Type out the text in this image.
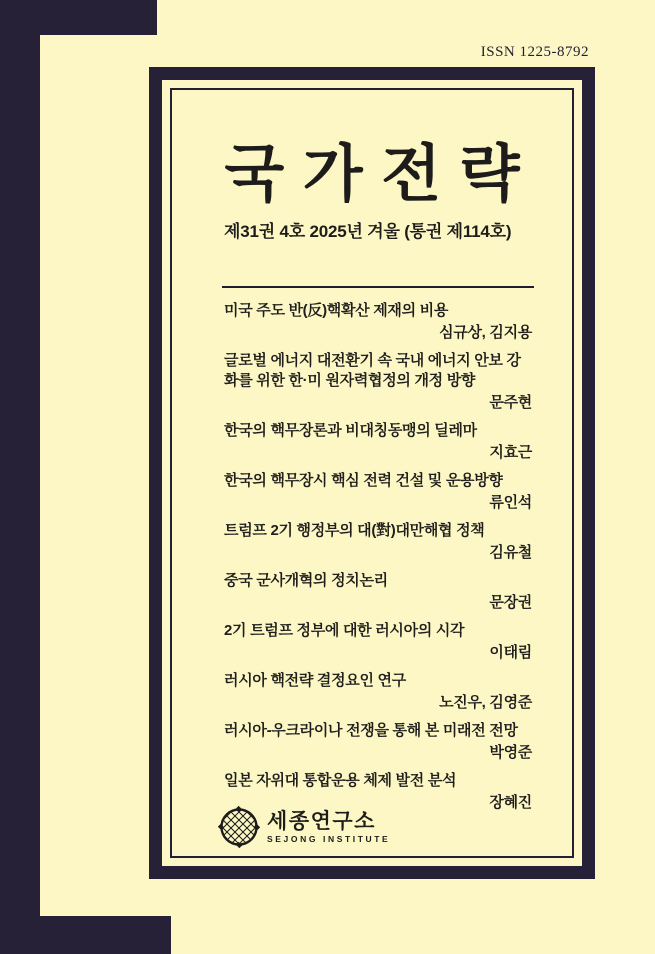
ISSN 1225-8792
국가전략
제31권 4호 2025년 겨울 (통권 제114호)
미국 주도 반(反)핵확산 제재의 비용
심규상, 김지용
글로벌 에너지 대전환기 속 국내 에너지 안보 강화를 위한 한·미 원자력협정의 개정 방향
문주현
한국의 핵무장론과 비대칭동맹의 딜레마
지효근
한국의 핵무장시 핵심 전력 건설 및 운용방향
류인석
트럼프 2기 행정부의 대(對)대만해협 정책
김유철
중국 군사개혁의 정치논리
문장권
2기 트럼프 정부에 대한 러시아의 시각
이태림
러시아 핵전략 결정요인 연구
노진우, 김영준
러시아-우크라이나 전쟁을 통해 본 미래전 전망
박영준
일본 자위대 통합운용 체제 발전 분석
장혜진
세종연구소
SEJONG INSTITUTE
